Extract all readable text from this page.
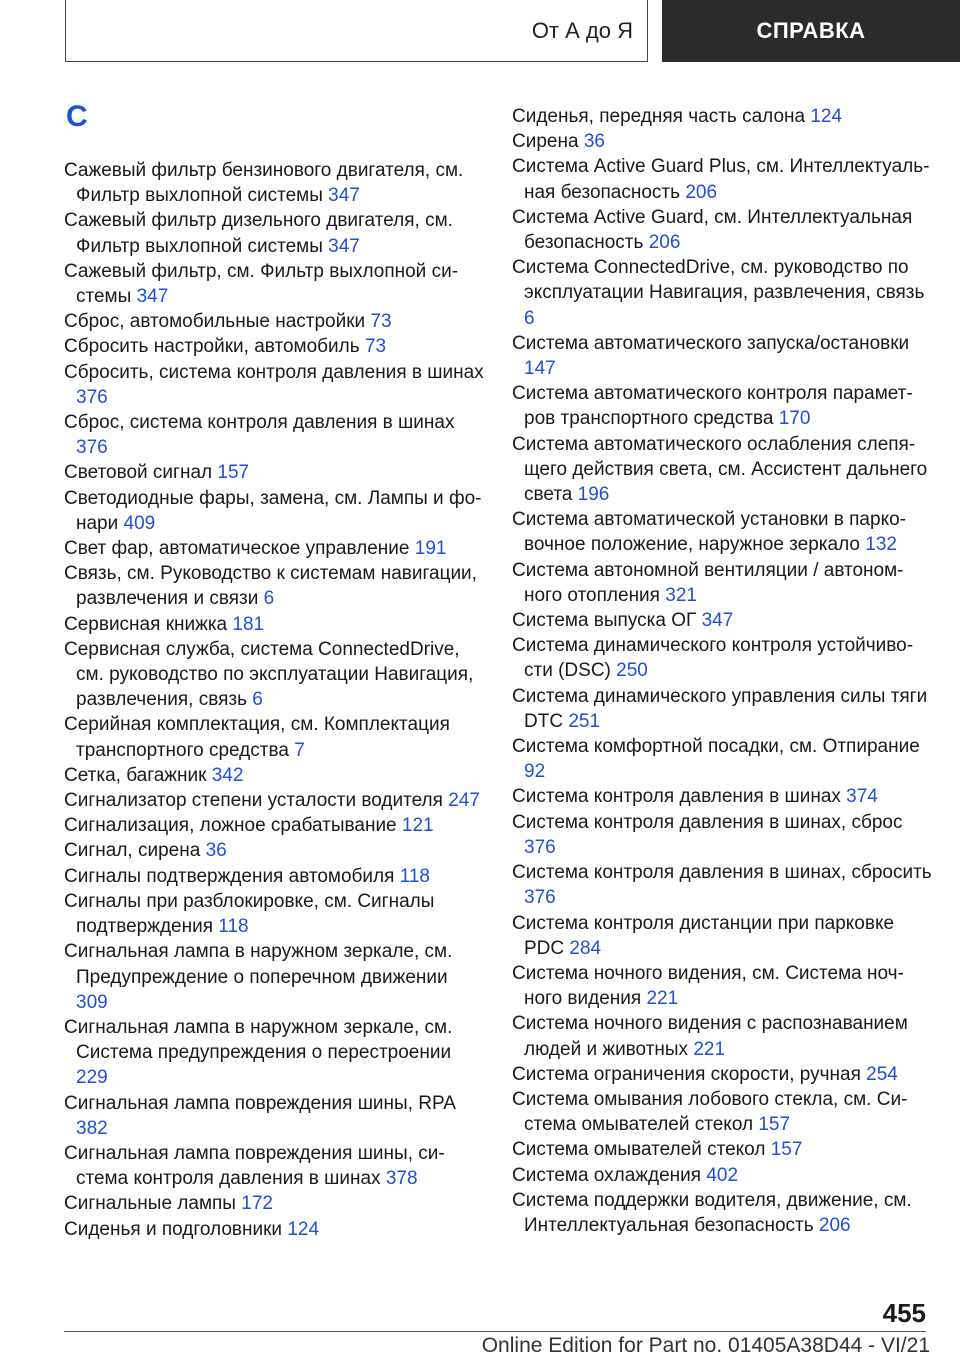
От А до Я	СПРАВКА
С
Сажевый фильтр бензинового двигателя, см. Фильтр выхлопной системы 347
Сажевый фильтр дизельного двигателя, см. Фильтр выхлопной системы 347
Сажевый фильтр, см. Фильтр выхлопной системы 347
Сброс, автомобильные настройки 73
Сбросить настройки, автомобиль 73
Сбросить, система контроля давления в шинах 376
Сброс, система контроля давления в шинах 376
Световой сигнал 157
Светодиодные фары, замена, см. Лампы и фонари 409
Свет фар, автоматическое управление 191
Связь, см. Руководство к системам навигации, развлечения и связи 6
Сервисная книжка 181
Сервисная служба, система ConnectedDrive, см. руководство по эксплуатации Навигация, развлечения, связь 6
Серийная комплектация, см. Комплектация транспортного средства 7
Сетка, багажник 342
Сигнализатор степени усталости водителя 247
Сигнализация, ложное срабатывание 121
Сигнал, сирена 36
Сигналы подтверждения автомобиля 118
Сигналы при разблокировке, см. Сигналы подтверждения 118
Сигнальная лампа в наружном зеркале, см. Предупреждение о поперечном движении 309
Сигнальная лампа в наружном зеркале, см. Система предупреждения о перестроении 229
Сигнальная лампа повреждения шины, RPA 382
Сигнальная лампа повреждения шины, система контроля давления в шинах 378
Сигнальные лампы 172
Сиденья и подголовники 124
Сиденья, передняя часть салона 124
Сирена 36
Система Active Guard Plus, см. Интеллектуальная безопасность 206
Система Active Guard, см. Интеллектуальная безопасность 206
Система ConnectedDrive, см. руководство по эксплуатации Навигация, развлечения, связь 6
Система автоматического запуска/остановки 147
Система автоматического контроля параметров транспортного средства 170
Система автоматического ослабления слепящего действия света, см. Ассистент дальнего света 196
Система автоматической установки в парковочное положение, наружное зеркало 132
Система автономной вентиляции / автономного отопления 321
Система выпуска ОГ 347
Система динамического контроля устойчивости (DSC) 250
Система динамического управления силы тяги DTC 251
Система комфортной посадки, см. Отпирание 92
Система контроля давления в шинах 374
Система контроля давления в шинах, сброс 376
Система контроля давления в шинах, сбросить 376
Система контроля дистанции при парковке PDC 284
Система ночного видения, см. Система ночного видения 221
Система ночного видения с распознаванием людей и животных 221
Система ограничения скорости, ручная 254
Система омывания лобового стекла, см. Система омывателей стекол 157
Система омывателей стекол 157
Система охлаждения 402
Система поддержки водителя, движение, см. Интеллектуальная безопасность 206
455
Online Edition for Part no. 01405A38D44 - VI/21
